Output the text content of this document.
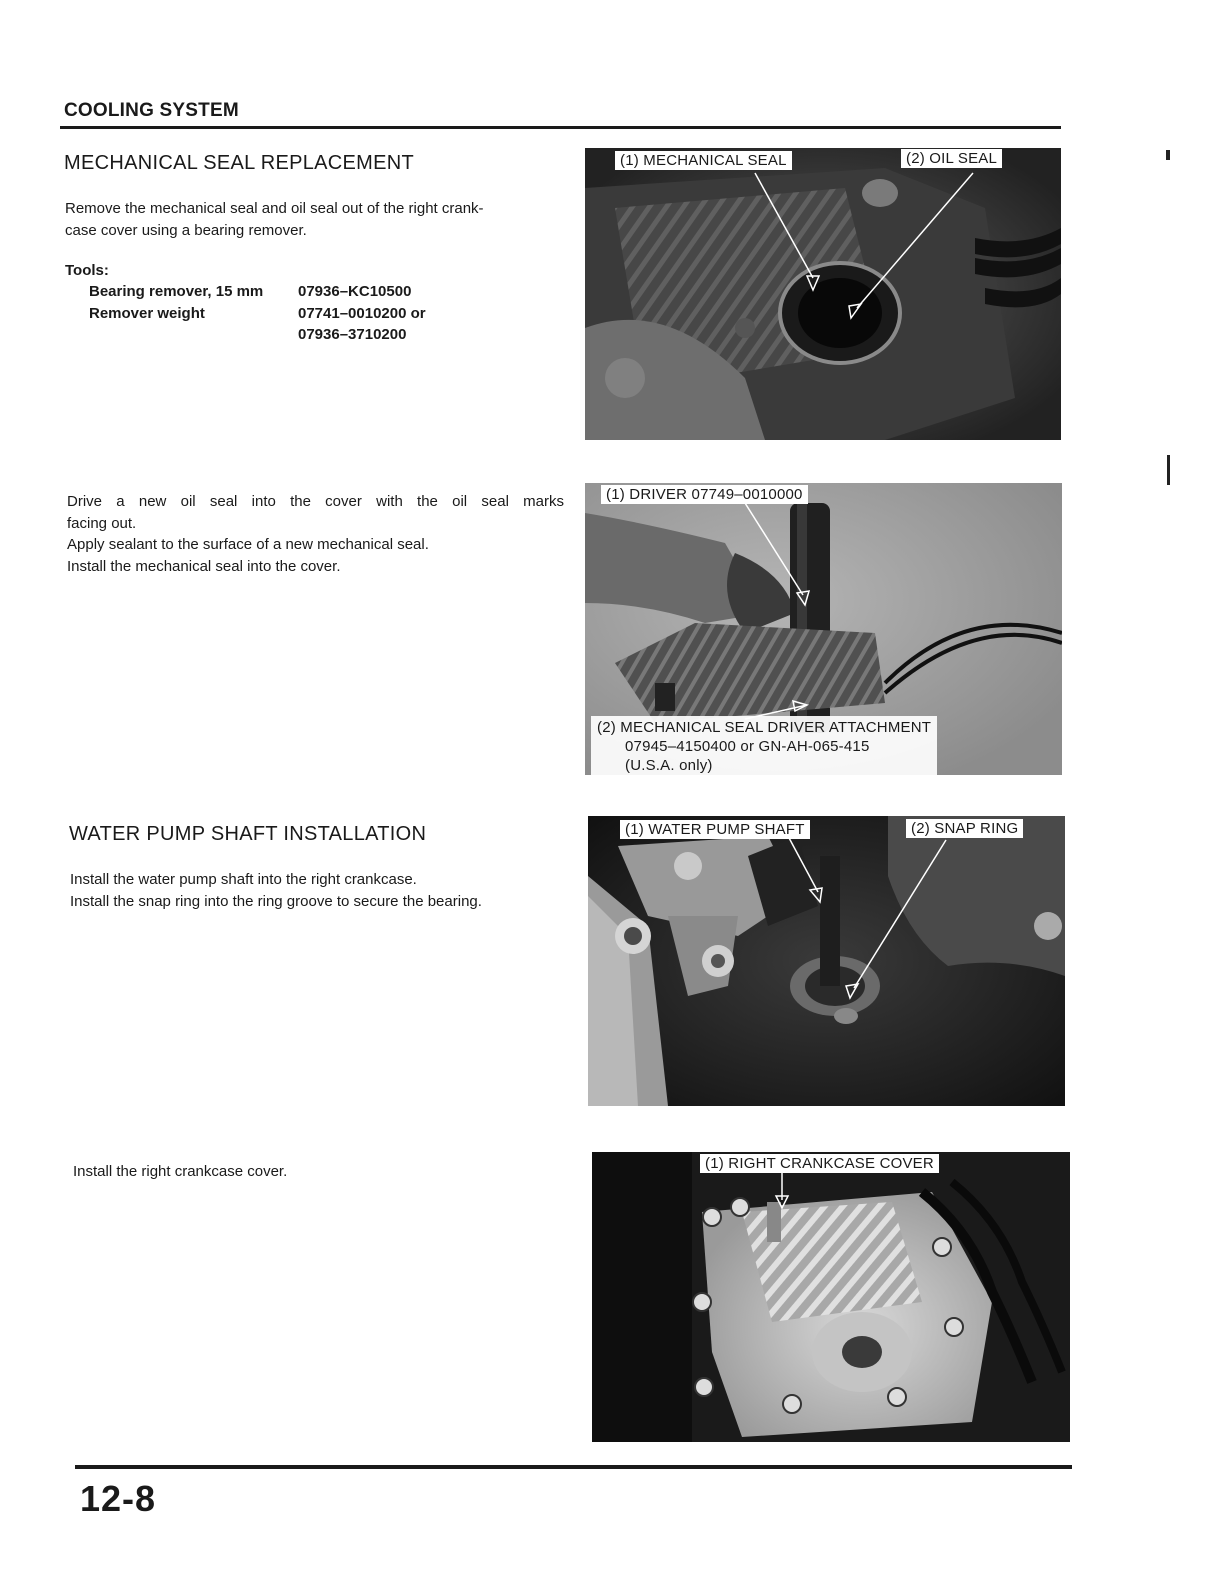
COOLING SYSTEM
MECHANICAL SEAL REPLACEMENT
Remove the mechanical seal and oil seal out of the right crank-
case cover using a bearing remover.
Tools:
Bearing remover, 15 mm 07936–KC10500
Remover weight	07741–0010200 or
07936–3710200
(1) MECHANICAL SEAL	(2) OIL SEAL
Drive a new oil seal into the cover with the oil seal marks
facing out.
Apply sealant to the surface of a new mechanical seal.
Install the mechanical seal into the cover.
(1) DRIVER 07749–0010000
(2) MECHANICAL SEAL DRIVER ATTACHMENT
07945–4150400 or GN-AH-065-415
(U.S.A. only)
WATER PUMP SHAFT INSTALLATION
Install the water pump shaft into the right crankcase.
Install the snap ring into the ring groove to secure the bearing.
(1) WATER PUMP SHAFT	(2) SNAP RING
Install the right crankcase cover.	(1) RIGHT CRANKCASE COVER
12-8
